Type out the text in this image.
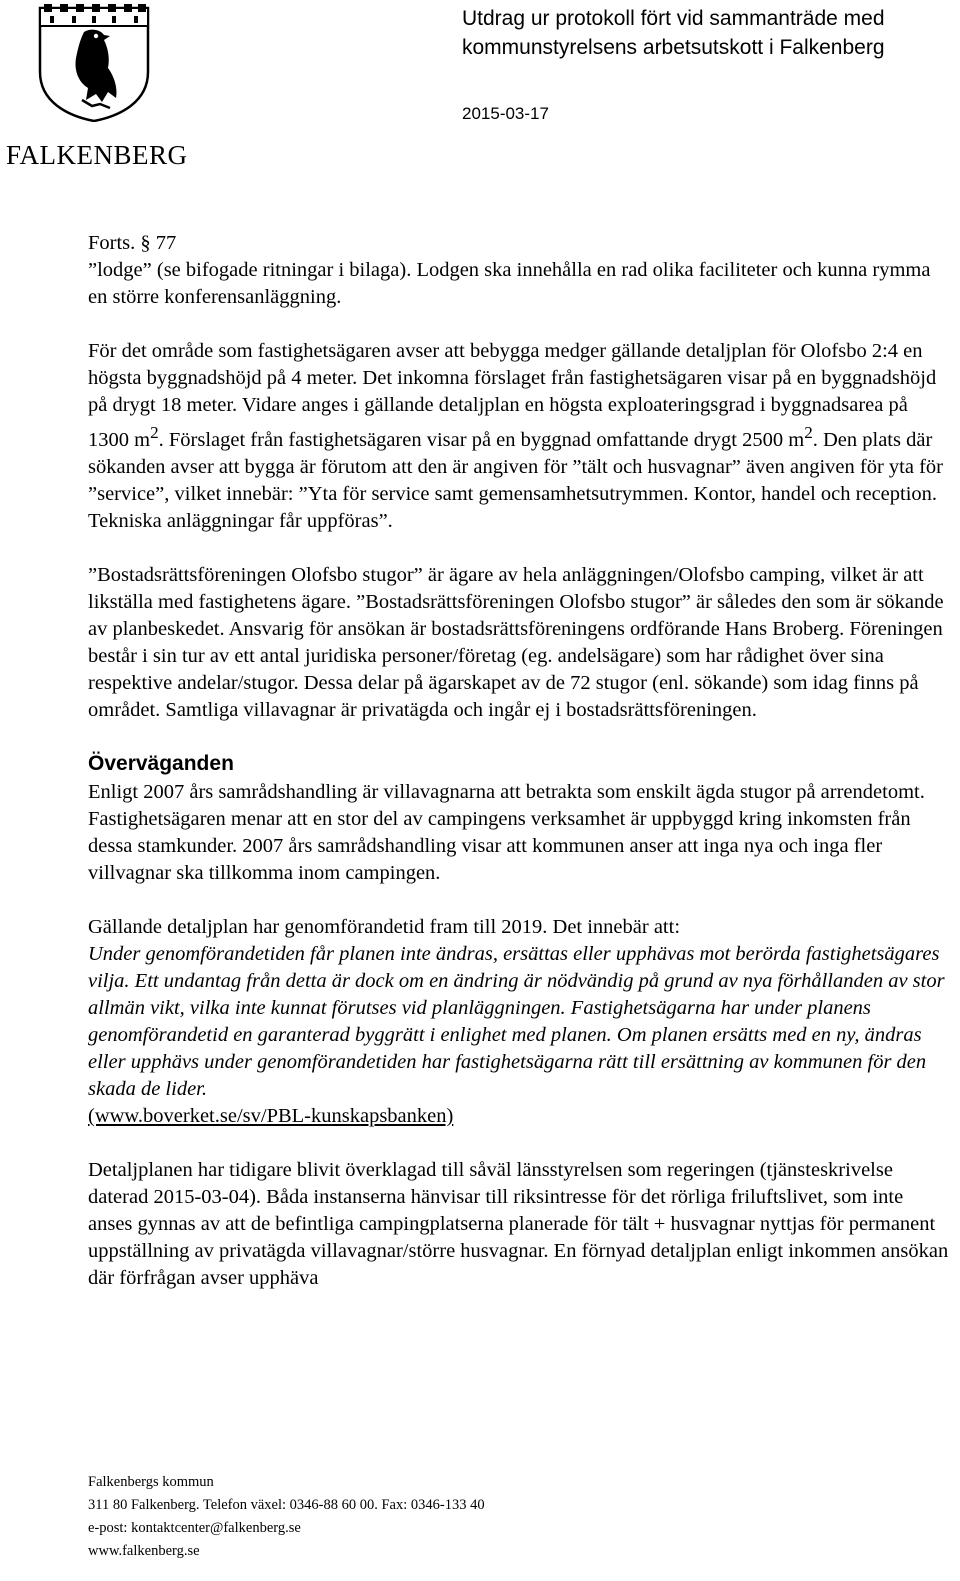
FALKENBERG
Utdrag ur protokoll fört vid sammanträde med
kommunstyrelsens arbetsutskott i Falkenberg
2015-03-17

Forts. § 77

”lodge” (se bifogade ritningar i bilaga). Lodgen ska innehålla en rad olika faciliteter och kunna rymma en större konferensanläggning.

För det område som fastighetsägaren avser att bebygga medger gällande detaljplan för Olofsbo 2:4 en högsta byggnadshöjd på 4 meter. Det inkomna förslaget från fastighetsägaren visar på en byggnadshöjd på drygt 18 meter. Vidare anges i gällande detaljplan en högsta exploateringsgrad i byggnadsarea på 1300 $m^2$. Förslaget från fastighetsägaren visar på en byggnad omfattande drygt 2500 $m^2$. Den plats där sökanden avser att bygga är förutom att den är angiven för ”tält och husvagnar” även angiven för yta för ”service”, vilket innebär: ”Yta för service samt gemensamhetsutrymmen. Kontor, handel och reception. Tekniska anläggningar får uppföras”.

”Bostadsrättsföreningen Olofsbo stugor” är ägare av hela anläggningen/Olofsbo camping, vilket är att likställa med fastighetens ägare. ”Bostadsrättsföreningen Olofsbo stugor” är således den som är sökande av planbeskedet. Ansvarig för ansökan är bostadsrättsföreningens ordförande Hans Broberg. Föreningen består i sin tur av ett antal juridiska personer/företag (eg. andelsägare) som har rådighet över sina respektive andelar/stugor. Dessa delar på ägarskapet av de 72 stugor (enl. sökande) som idag finns på området. Samtliga villavagnar är privatägda och ingår ej i bostadsrättsföreningen.

Överväganden

Enligt 2007 års samrådshandling är villavagnarna att betrakta som enskilt ägda stugor på arrendetomt. Fastighetsägaren menar att en stor del av campingens verksamhet är uppbyggd kring inkomsten från dessa stamkunder. 2007 års samrådshandling visar att kommunen anser att inga nya och inga fler villvagnar ska tillkomma inom campingen.

Gällande detaljplan har genomförandetid fram till 2019. Det innebär att:

Under genomförandetiden får planen inte ändras, ersättas eller upphävas mot berörda fastighetsägares vilja. Ett undantag från detta är dock om en ändring är nödvändig på grund av nya förhållanden av stor allmän vikt, vilka inte kunnat förutses vid planläggningen. Fastighetsägarna har under planens genomförandetid en garanterad byggrätt i enlighet med planen. Om planen ersätts med en ny, ändras eller upphävs under genomförandetiden har fastighetsägarna rätt till ersättning av kommunen för den skada de lider.

(www.boverket.se/sv/PBL-kunskapsbanken)

Detaljplanen har tidigare blivit överklagad till såväl länsstyrelsen som regeringen (tjänsteskrivelse daterad 2015-03-04). Båda instanserna hänvisar till riksintresse för det rörliga friluftslivet, som inte anses gynnas av att de befintliga campingplatserna planerade för tält + husvagnar nyttjas för permanent uppställning av privatägda villavagnar/större husvagnar. En förnyad detaljplan enligt inkommen ansökan där förfrågan avser upphäva

Falkenbergs kommun
311 80 Falkenberg. Telefon växel: 0346-88 60 00. Fax: 0346-133 40
e-post: kontaktcenter@falkenberg.se
www.falkenberg.se
